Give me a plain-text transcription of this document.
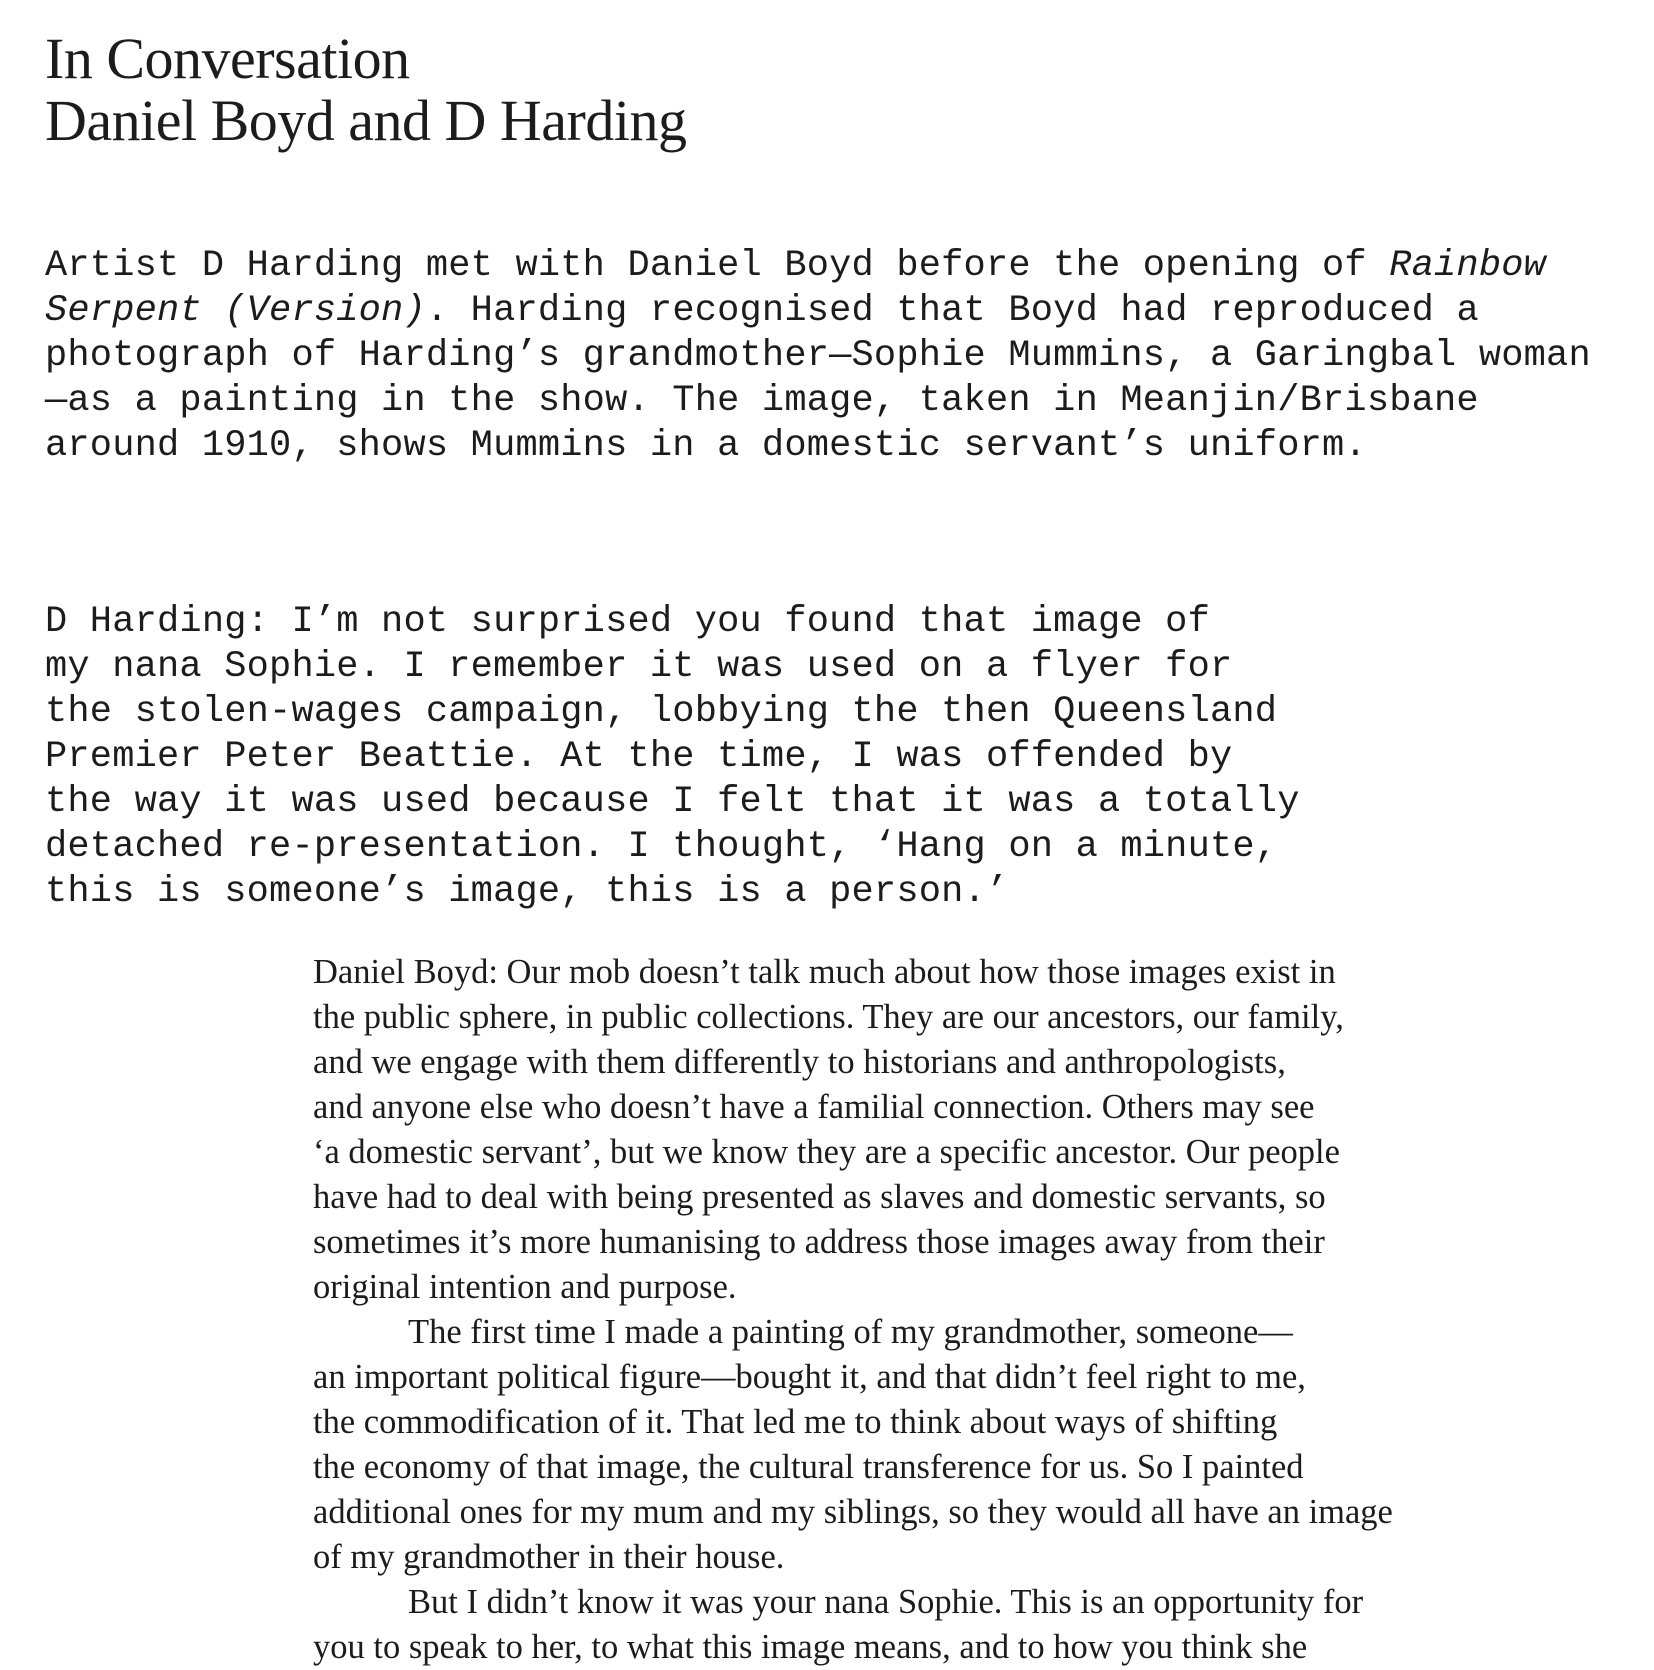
In Conversation
Daniel Boyd and D Harding
Artist D Harding met with Daniel Boyd before the opening of Rainbow
Serpent (Version). Harding recognised that Boyd had reproduced a
photograph of Harding’s grandmother—Sophie Mummins, a Garingbal woman
—as a painting in the show. The image, taken in Meanjin/Brisbane
around 1910, shows Mummins in a domestic servant’s uniform.
D Harding: I’m not surprised you found that image of
my nana Sophie. I remember it was used on a flyer for
the stolen-wages campaign, lobbying the then Queensland
Premier Peter Beattie. At the time, I was offended by
the way it was used because I felt that it was a totally
detached re-presentation. I thought, ‘Hang on a minute,
this is someone’s image, this is a person.’
Daniel Boyd: Our mob doesn’t talk much about how those images exist in
the public sphere, in public collections. They are our ancestors, our family,
and we engage with them differently to historians and anthropologists,
and anyone else who doesn’t have a familial connection. Others may see
‘a domestic servant’, but we know they are a specific ancestor. Our people
have had to deal with being presented as slaves and domestic servants, so
sometimes it’s more humanising to address those images away from their
original intention and purpose.
The first time I made a painting of my grandmother, someone—
an important political figure—bought it, and that didn’t feel right to me,
the commodification of it. That led me to think about ways of shifting
the economy of that image, the cultural transference for us. So I painted
additional ones for my mum and my siblings, so they would all have an image
of my grandmother in their house.
But I didn’t know it was your nana Sophie. This is an opportunity for
you to speak to her, to what this image means, and to how you think she
